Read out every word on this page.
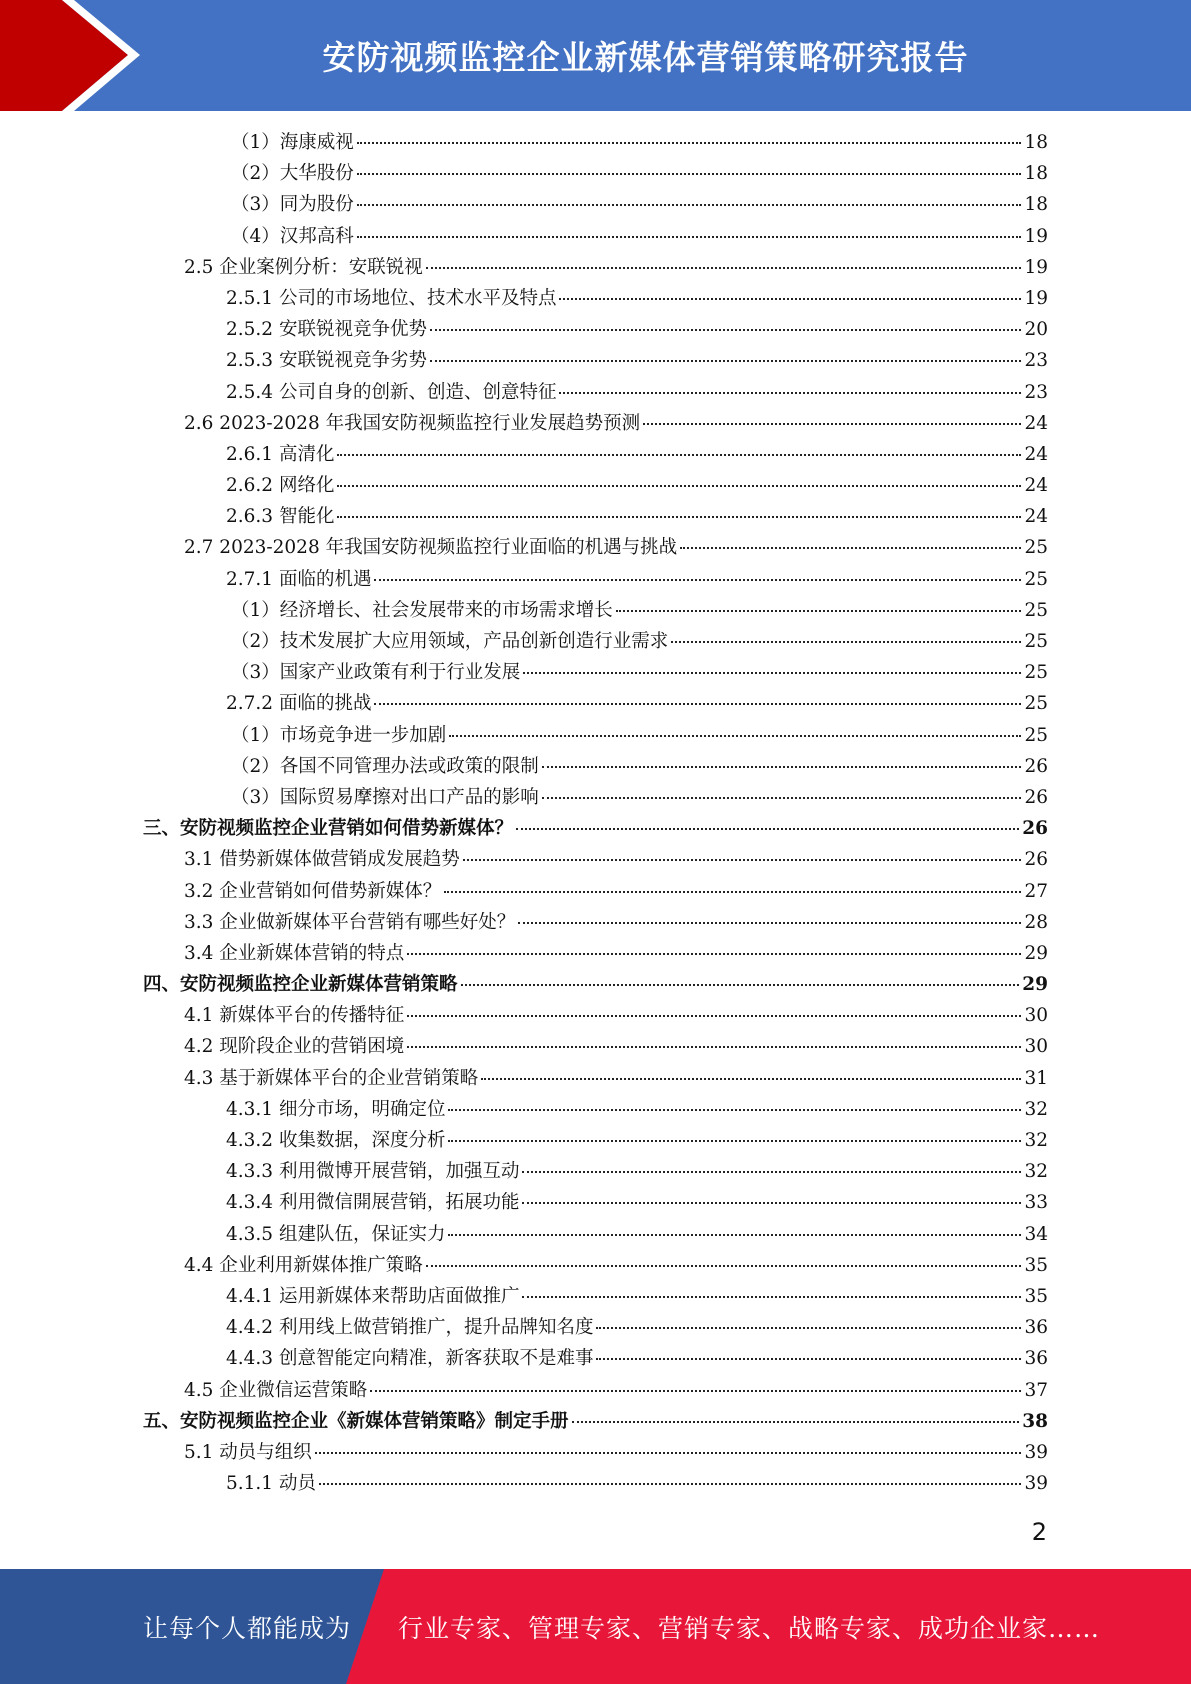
安防视频监控企业新媒体营销策略研究报告
（1）海康威视	18
（2）大华股份	18
（3）同为股份	18
（4）汉邦高科	19
2.5 企业案例分析：安联锐视	19
2.5.1 公司的市场地位、技术水平及特点	19
2.5.2 安联锐视竞争优势	20
2.5.3 安联锐视竞争劣势	23
2.5.4 公司自身的创新、创造、创意特征	23
2.6 2023-2028 年我国安防视频监控行业发展趋势预测	24
2.6.1 高清化	24
2.6.2 网络化	24
2.6.3 智能化	24
2.7 2023-2028 年我国安防视频监控行业面临的机遇与挑战	25
2.7.1 面临的机遇	25
（1）经济增长、社会发展带来的市场需求增长	25
（2）技术发展扩大应用领域，产品创新创造行业需求	25
（3）国家产业政策有利于行业发展	25
2.7.2 面临的挑战	25
（1）市场竞争进一步加剧	25
（2）各国不同管理办法或政策的限制	26
（3）国际贸易摩擦对出口产品的影响	26
三、安防视频监控企业营销如何借势新媒体？	26
3.1 借势新媒体做营销成发展趋势	26
3.2 企业营销如何借势新媒体？	27
3.3 企业做新媒体平台营销有哪些好处？	28
3.4 企业新媒体营销的特点	29
四、安防视频监控企业新媒体营销策略	29
4.1 新媒体平台的传播特征	30
4.2 现阶段企业的营销困境	30
4.3 基于新媒体平台的企业营销策略	31
4.3.1 细分市场，明确定位	32
4.3.2 收集数据，深度分析	32
4.3.3 利用微博开展营销，加强互动	32
4.3.4 利用微信開展营销，拓展功能	33
4.3.5 组建队伍，保证实力	34
4.4 企业利用新媒体推广策略	35
4.4.1 运用新媒体来帮助店面做推广	35
4.4.2 利用线上做营销推广，提升品牌知名度	36
4.4.3 创意智能定向精准，新客获取不是难事	36
4.5 企业微信运营策略	37
五、安防视频监控企业《新媒体营销策略》制定手册	38
5.1 动员与组织	39
5.1.1 动员	39
2
让每个人都能成为 行业专家、管理专家、营销专家、战略专家、成功企业家……
